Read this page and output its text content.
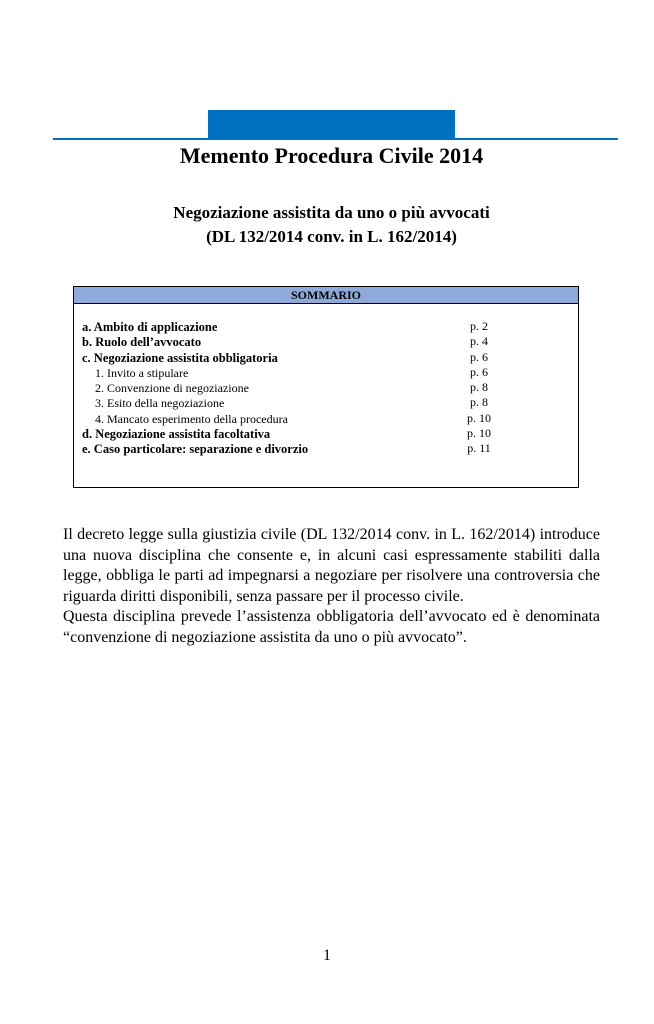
Memento Procedura Civile 2014
Negoziazione assistita da uno o più avvocati
(DL 132/2014 conv. in L. 162/2014)
SOMMARIO
a. Ambito di applicazione	p. 2
b. Ruolo dell’avvocato	p. 4
c. Negoziazione assistita obbligatoria	p. 6
1. Invito a stipulare	p. 6
2. Convenzione di negoziazione	p. 8
3. Esito della negoziazione	p. 8
4. Mancato esperimento della procedura	p. 10
d. Negoziazione assistita facoltativa	p. 10
e. Caso particolare: separazione e divorzio	p. 11

Il decreto legge sulla giustizia civile (DL 132/2014 conv. in L. 162/2014) introduce una nuova disciplina che consente e, in alcuni casi espressamente stabiliti dalla legge, obbliga le parti ad impegnarsi a negoziare per risolvere una controversia che riguarda diritti disponibili, senza passare per il processo civile.

Questa disciplina prevede l’assistenza obbligatoria dell’avvocato ed è denominata “convenzione di negoziazione assistita da uno o più avvocato”.

1
